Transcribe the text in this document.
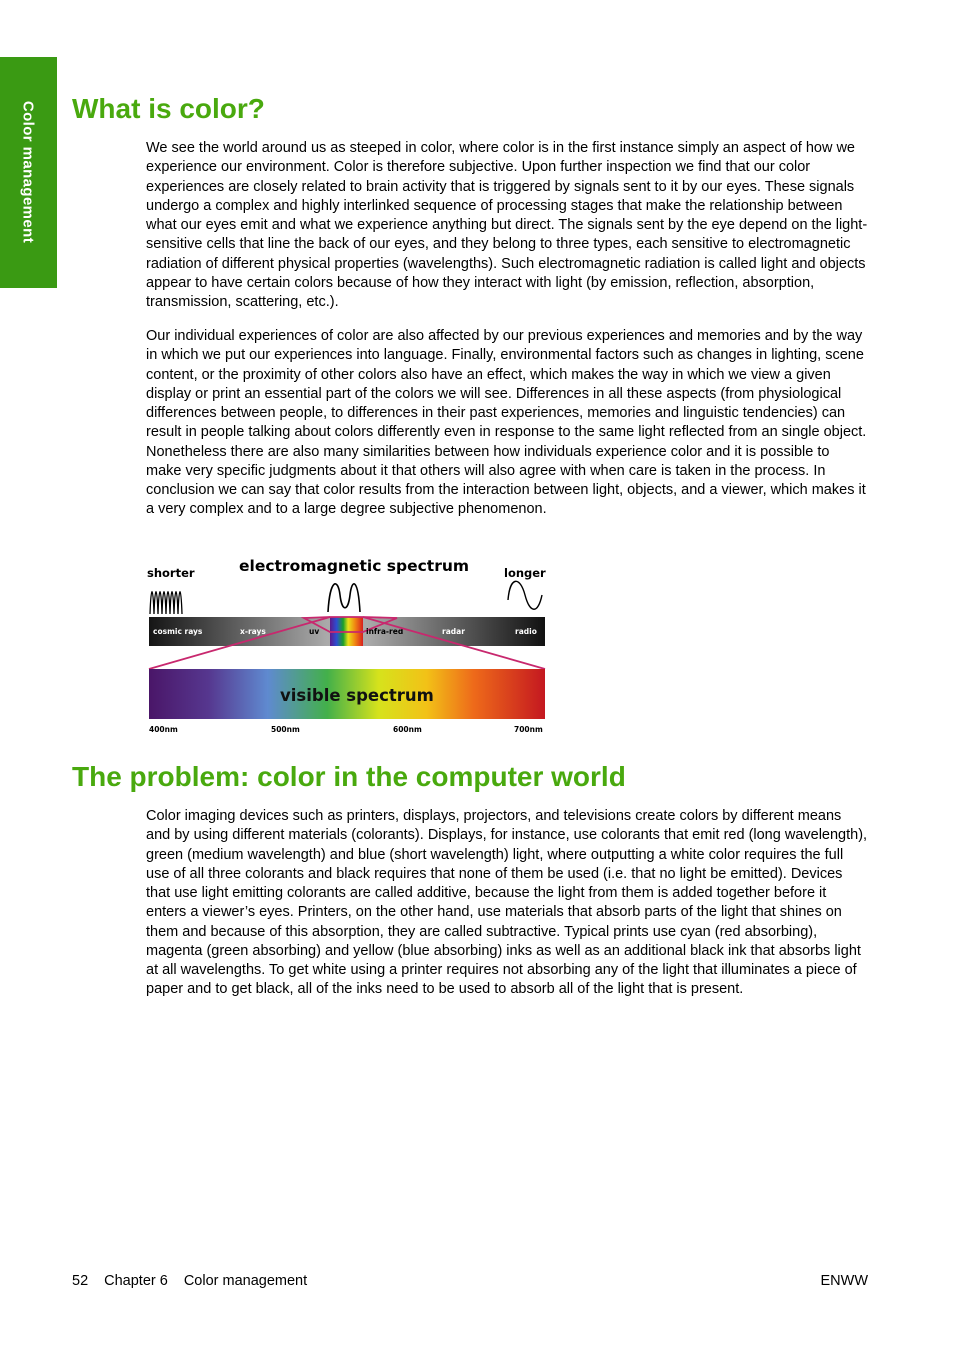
Color management What is color?

We see the world around us as steeped in color, where color is in the first instance simply an aspect of how we experience our environment. Color is therefore subjective. Upon further inspection we find that our color experiences are closely related to brain activity that is triggered by signals sent to it by our eyes. These signals undergo a complex and highly interlinked sequence of processing stages that make the relationship between what our eyes emit and what we experience anything but direct. The signals sent by the eye depend on the light-sensitive cells that line the back of our eyes, and they belong to three types, each sensitive to electromagnetic radiation of different physical properties (wavelengths). Such electromagnetic radiation is called light and objects appear to have certain colors because of how they interact with light (by emission, reflection, absorption, transmission, scattering, etc.).

Our individual experiences of color are also affected by our previous experiences and memories and by the way in which we put our experiences into language. Finally, environmental factors such as changes in lighting, scene content, or the proximity of other colors also have an effect, which makes the way in which we view a given display or print an essential part of the colors we will see. Differences in all these aspects (from physiological differences between people, to differences in their past experiences, memories and linguistic tendencies) can result in people talking about colors differently even in response to the same light reflected from an single object. Nonetheless there are also many similarities between how individuals experience color and it is possible to make very specific judgments about it that others will also agree with when care is taken in the process. In conclusion we can say that color results from the interaction between light, objects, and a viewer, which makes it a very complex and to a large degree subjective phenomenon.

electromagnetic spectrum
shorter	longer
cosmic rays	x-rays	uv	infra-red	radar	radio
visible spectrum
400nm	500nm	600nm	700nm
The problem: color in the computer world

Color imaging devices such as printers, displays, projectors, and televisions create colors by different means and by using different materials (colorants). Displays, for instance, use colorants that emit red (long wavelength), green (medium wavelength) and blue (short wavelength) light, where outputting a white color requires the full use of all three colorants and black requires that none of them be used (i.e. that no light be emitted). Devices that use light emitting colorants are called additive, because the light from them is added together before it enters a viewer’s eyes. Printers, on the other hand, use materials that absorb parts of the light that shines on them and because of this absorption, they are called subtractive. Typical prints use cyan (red absorbing), magenta (green absorbing) and yellow (blue absorbing) inks as well as an additional black ink that absorbs light at all wavelengths. To get white using a printer requires not absorbing any of the light that illuminates a piece of paper and to get black, all of the inks need to be used to absorb all of the light that is present.

52 Chapter 6 Color management	ENWW
